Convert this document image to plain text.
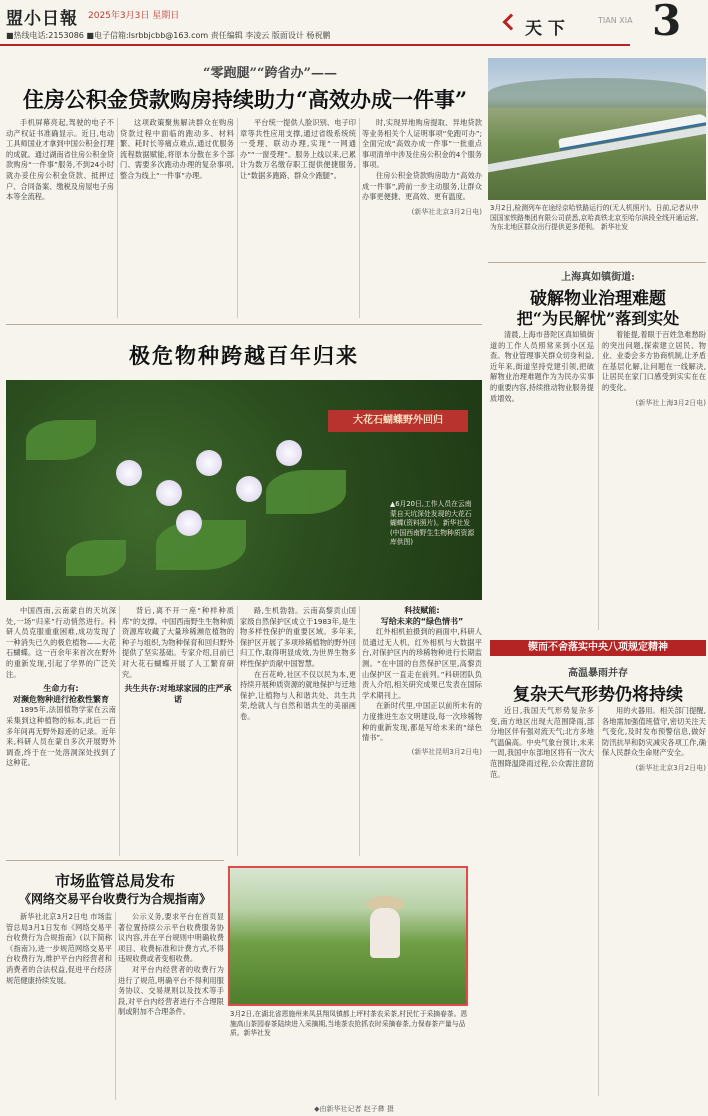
盟小日報 2025年3月3日 星期日
■热线电话:2153086 ■电子信箱:lsrbbjcbb@163.com 责任编辑 李凌云 版面设计 杨祝鹏	天 下	TIAN XIA 3
“零跑腿”“跨省办”——
住房公积金贷款购房持续助力“高效办成一件事”

手机屏幕亮起,驾驶的电子不动产权证书准确显示。近日,电动工具师国业才拿到中国公积金打理的成就。通过湖南省住房公积金贷款购房“一件事”服务,不到24小时就办妥住房公积金贷款、抵押过户、合同备案、缴税及房屋电子房本等全流程。

这项政策聚焦解决群众在购房贷款过程中面临的跑动多、材料繁、耗时长等痛点难点,通过优服务流程数据赋能,将原本分散在多个部门、需要多次跑动办理的复杂事项,整合为线上“一件事”办理。

平台统一提供人脸识别、电子印章等共性应用支撑,通过省级系统统一受理、联动办理,实现“一网通办”“一窗受理”。服务上线以来,已累计为数万名缴存职工提供便捷服务,让“数据多跑路、群众少跑腿”。

时,实现异地购房提取、异地贷款等业务相关个人证明事项“免跑可办”;全面完成“高效办成一件事”一批重点事项清单中涉及住房公积金的4个服务事项。

住房公积金贷款购房助力“高效办成一件事”,跨前一步主动服务,让群众办事更便捷、更高效、更有温度。

(新华社北京3月2日电) 3月2日,检测列车在途经京哈铁路运行的(无人机照片)。日前,记者从中国国家铁路集团有限公司获悉,京哈高铁北京至哈尔滨段全线开通运营,为东北地区群众出行提供更多便利。 新华社发
上海真如镇街道:
破解物业治理难题
把“为民解忧”落到实处

清晨,上海市普陀区真如镇街道的工作人员照常来到小区巡查。物业管理事关群众切身利益,近年来,街道坚持党建引领,把破解物业治理难题作为为民办实事的重要内容,持续推动物业服务提质增效。

着能提,着眼于百姓急难愁盼的突出问题,探索建立居民、物业、业委会多方协商机制,让矛盾在基层化解,让问题在一线解决,让居民在家门口感受到实实在在的变化。

(新华社上海3月2日电)
极危物种跨越百年归来
大花石蝴蝶野外回归
▲6月20日,工作人员在云南蒙自天坑深处发现的大花石蝴蝶(资料照片)。新华社发(中国西南野生生物种质资源库供图)

中国西南,云南蒙自的天坑深处,一场“归来”行动悄然进行。科研人员克服重重困难,成功发现了一种消失已久的极危植物——大花石蝴蝶。这一百余年来首次在野外的重新发现,引起了学界的广泛关注。

生命力有:
对濒危物种进行抢救性繁育

1895年,法国植物学家在云南采集到这种植物的标本,此后一百多年间再无野外踪迹的记录。近年来,科研人员在蒙自多次开展野外调查,终于在一处溶洞深处找到了这种花。

背后,离不开一座“种样种质库”的支撑。中国西南野生生物种质资源库收藏了大量珍稀濒危植物的种子与组织,为物种保育和回归野外提供了坚实基础。专家介绍,目前已对大花石蝴蝶开展了人工繁育研究。

共生共存:对地球家园的庄严承诺

路,生机勃勃。云南高黎贡山国家级自然保护区成立于1983年,是生物多样性保护的重要区域。多年来,保护区开展了多项珍稀植物的野外回归工作,取得明显成效,为世界生物多样性保护贡献中国智慧。

在百花岭,社区不仅以民为本,更持续开展种质资源的就地保护与迁地保护,让植物与人和谐共处、共生共荣,绘就人与自然和谐共生的美丽画卷。

科技赋能:
写给未来的“绿色情书”

红外相机拍摄到的画面中,科研人员通过无人机、红外相机与大数据平台,对保护区内的珍稀物种进行长期监测。“在中国的自然保护区里,高黎贡山保护区一直走在前列。”科研团队负责人介绍,相关研究成果已发表在国际学术期刊上。

在新时代里,中国正以前所未有的力度推进生态文明建设,每一次珍稀物种的重新发现,都是写给未来的“绿色情书”。

(新华社昆明3月2日电)
锲而不舍落实中央八项规定精神
高温暴雨并存
复杂天气形势仍将持续

近日,我国天气形势复杂多变,南方地区出现大范围降雨,部分地区伴有强对流天气;北方多地气温偏高。中央气象台预计,未来一周,我国中东部地区将有一次大范围降温降雨过程,公众需注意防范。

用的火器用。相关部门提醒,各地需加强值班值守,密切关注天气变化,及时发布预警信息,做好防汛抗旱和防灾减灾各项工作,确保人民群众生命财产安全。

(新华社北京3月2日电)
市场监管总局发布
《网络交易平台收费行为合规指南》

新华社北京3月2日电 市场监管总局3月1日发布《网络交易平台收费行为合规指南》(以下简称《指南》),进一步规范网络交易平台收费行为,维护平台内经营者和消费者的合法权益,促进平台经济规范健康持续发展。

公示义务,要求平台在首页显著位置持续公示平台收费服务协议内容,并在平台规则中明确收费项目、收费标准和计费方式,不得违规收费或者变相收费。

对平台内经营者的收费行为进行了规范,明确平台不得利用服务协议、交易规则以及技术等手段,对平台内经营者进行不合理限制或附加不合理条件。	3月2日,在湖北省恩施州来凤县翔凤镇都上坪村茶农采茶,村民忙于采摘春茶。恩施高山茶园春茶陆续进入采摘期,当地茶农抢抓农时采摘春茶,力保春茶产量与品质。新华社发
◆由新华社记者 赵子彝 摄
